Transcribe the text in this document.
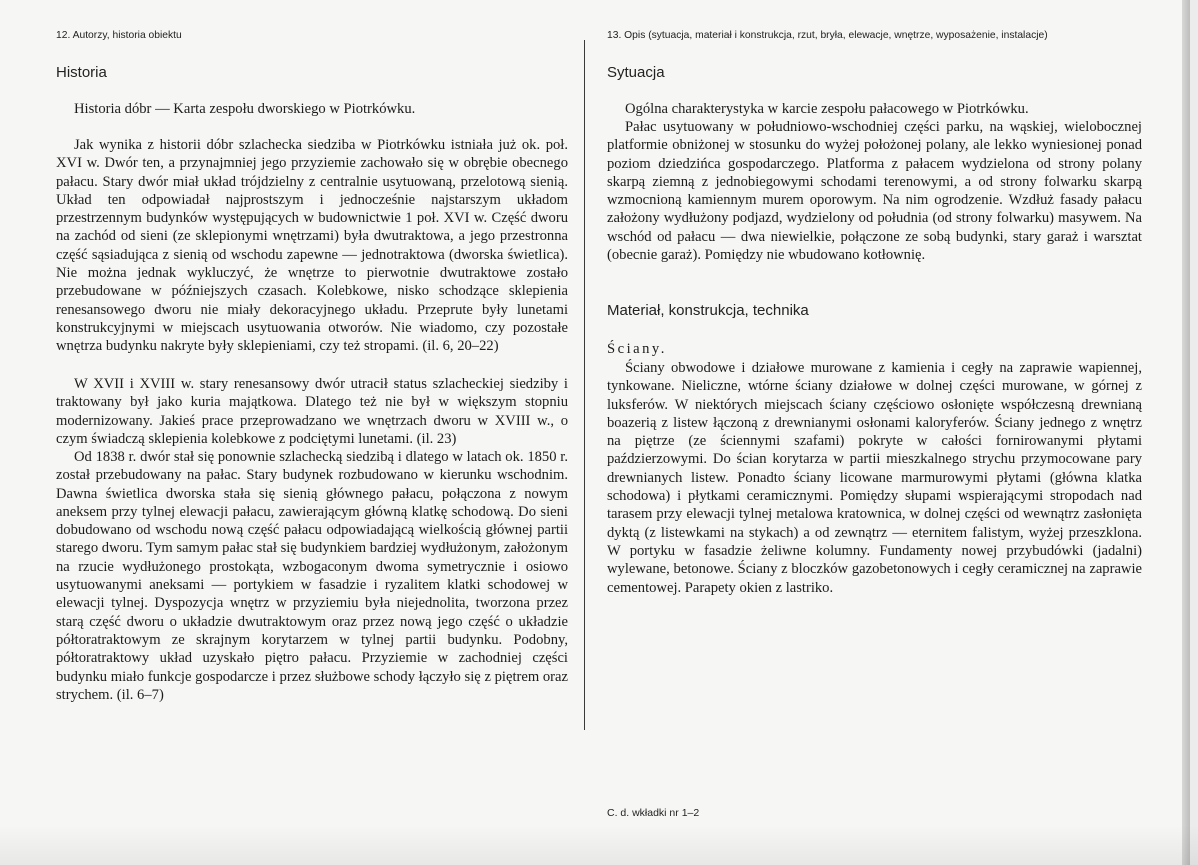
12. Autorzy, historia obiektu
Historia

Historia dóbr — Karta zespołu dworskiego w Piotrkówku.

Jak wynika z historii dóbr szlachecka siedziba w Piotrkówku istniała już ok. poł. XVI w. Dwór ten, a przynajmniej jego przyziemie zachowało się w obrębie obecnego pałacu. Stary dwór miał układ trójdzielny z centralnie usytuowaną, przelotową sienią. Układ ten odpowiadał najprostszym i jednocześnie najstarszym układom przestrzennym budynków występujących w budownictwie 1 poł. XVI w. Część dworu na zachód od sieni (ze sklepionymi wnętrzami) była dwutraktowa, a jego przestronna część sąsiadująca z sienią od wschodu zapewne — jednotraktowa (dworska świetlica). Nie można jednak wykluczyć, że wnętrze to pierwotnie dwutraktowe zostało przebudowane w późniejszych czasach. Kolebkowe, nisko schodzące sklepienia renesansowego dworu nie miały dekoracyjnego układu. Przeprute były lunetami konstrukcyjnymi w miejscach usytuowania otworów. Nie wiadomo, czy pozostałe wnętrza budynku nakryte były sklepieniami, czy też stropami. (il. 6, 20–22)

W XVII i XVIII w. stary renesansowy dwór utracił status szlacheckiej siedziby i traktowany był jako kuria majątkowa. Dlatego też nie był w większym stopniu modernizowany. Jakieś prace przeprowadzano we wnętrzach dworu w XVIII w., o czym świadczą sklepienia kolebkowe z podciętymi lunetami. (il. 23)

Od 1838 r. dwór stał się ponownie szlachecką siedzibą i dlatego w latach ok. 1850 r. został przebudowany na pałac. Stary budynek rozbudowano w kierunku wschodnim. Dawna świetlica dworska stała się sienią głównego pałacu, połączona z nowym aneksem przy tylnej elewacji pałacu, zawierającym główną klatkę schodową. Do sieni dobudowano od wschodu nową część pałacu odpowiadającą wielkością głównej partii starego dworu. Tym samym pałac stał się budynkiem bardziej wydłużonym, założonym na rzucie wydłużonego prostokąta, wzbogaconym dwoma symetrycznie i osiowo usytuowanymi aneksami — portykiem w fasadzie i ryzalitem klatki schodowej w elewacji tylnej. Dyspozycja wnętrz w przyziemiu była niejednolita, tworzona przez starą część dworu o układzie dwutraktowym oraz przez nową jego część o układzie półtoratraktowym ze skrajnym korytarzem w tylnej partii budynku. Podobny, półtoratraktowy układ uzyskało piętro pałacu. Przyziemie w zachodniej części budynku miało funkcje gospodarcze i przez służbowe schody łączyło się z piętrem oraz strychem. (il. 6–7)

13. Opis (sytuacja, materiał i konstrukcja, rzut, bryła, elewacje, wnętrze, wyposażenie, instalacje)
Sytuacja

Ogólna charakterystyka w karcie zespołu pałacowego w Piotrkówku.

Pałac usytuowany w południowo-wschodniej części parku, na wąskiej, wielobocznej platformie obniżonej w stosunku do wyżej położonej polany, ale lekko wyniesionej ponad poziom dziedzińca gospodarczego. Platforma z pałacem wydzielona od strony polany skarpą ziemną z jednobiegowymi schodami terenowymi, a od strony folwarku skarpą wzmocnioną kamiennym murem oporowym. Na nim ogrodzenie. Wzdłuż fasady pałacu założony wydłużony podjazd, wydzielony od południa (od strony folwarku) masywem. Na wschód od pałacu — dwa niewielkie, połączone ze sobą budynki, stary garaż i warsztat (obecnie garaż). Pomiędzy nie wbudowano kotłownię.

Materiał, konstrukcja, technika

Ściany.

Ściany obwodowe i działowe murowane z kamienia i cegły na zaprawie wapiennej, tynkowane. Nieliczne, wtórne ściany działowe w dolnej części murowane, w górnej z luksferów. W niektórych miejscach ściany częściowo osłonięte współczesną drewnianą boazerią z listew łączoną z drewnianymi osłonami kaloryferów. Ściany jednego z wnętrz na piętrze (ze ściennymi szafami) pokryte w całości fornirowanymi płytami paździerzowymi. Do ścian korytarza w partii mieszkalnego strychu przymocowane pary drewnianych listew. Ponadto ściany licowane marmurowymi płytami (główna klatka schodowa) i płytkami ceramicznymi. Pomiędzy słupami wspierającymi stropodach nad tarasem przy elewacji tylnej metalowa kratownica, w dolnej części od wewnątrz zasłonięta dyktą (z listewkami na stykach) a od zewnątrz — eternitem falistym, wyżej przeszklona. W portyku w fasadzie żeliwne kolumny. Fundamenty nowej przybudówki (jadalni) wylewane, betonowe. Ściany z bloczków gazobetonowych i cegły ceramicznej na zaprawie cementowej. Parapety okien z lastriko.

C. d. wkładki nr 1–2
